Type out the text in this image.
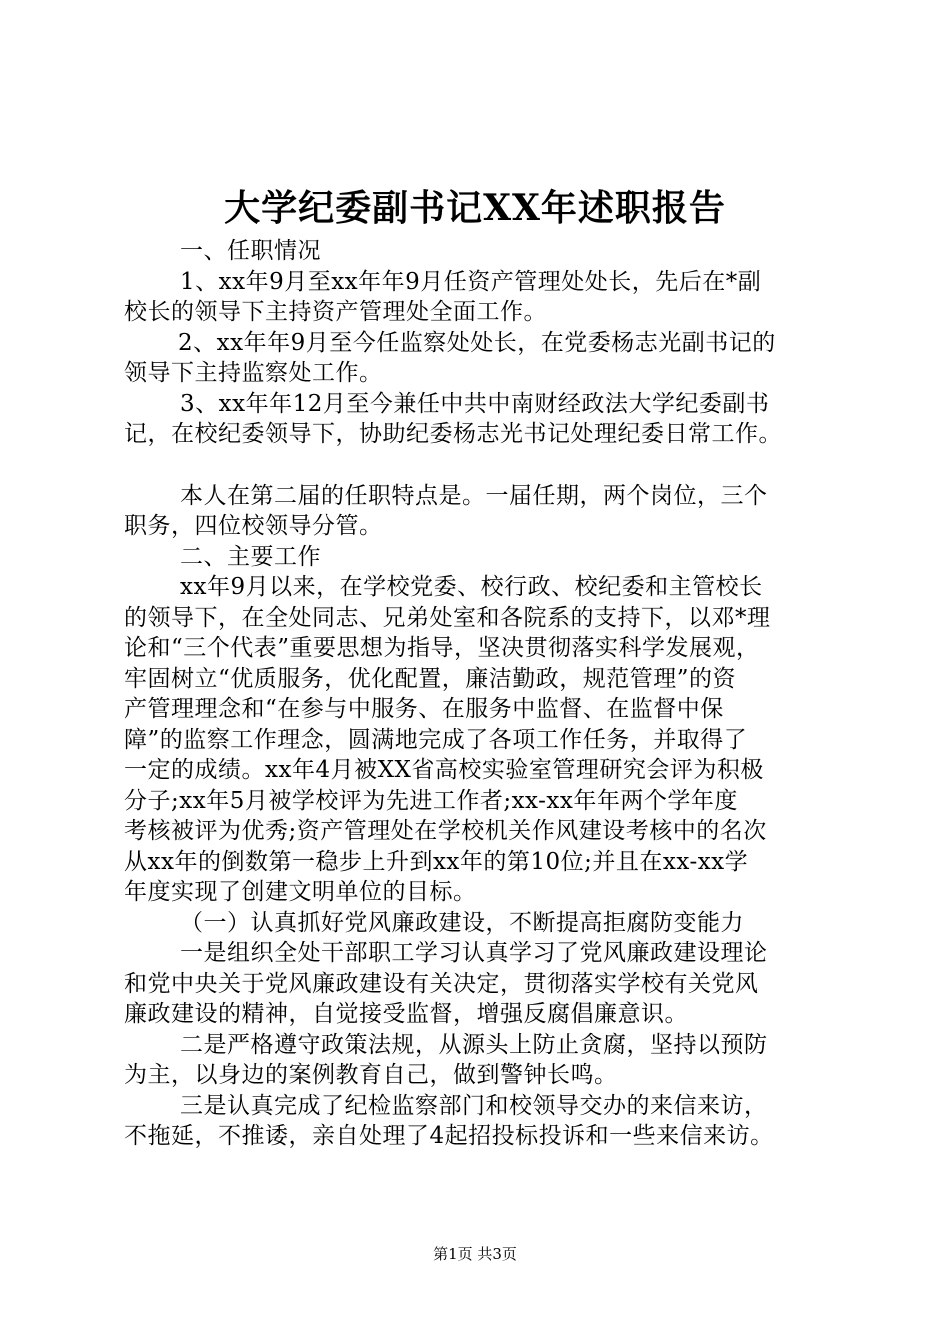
大学纪委副书记XX年述职报告
一、任职情况
1、xx年9月至xx年年9月任资产管理处处长，先后在*副
校长的领导下主持资产管理处全面工作。
2、xx年年9月至今任监察处处长，在党委杨志光副书记的
领导下主持监察处工作。
3、xx年年12月至今兼任中共中南财经政法大学纪委副书
记，在校纪委领导下，协助纪委杨志光书记处理纪委日常工作。
本人在第二届的任职特点是。一届任期，两个岗位，三个
职务，四位校领导分管。
二、主要工作
xx年9月以来，在学校党委、校行政、校纪委和主管校长
的领导下，在全处同志、兄弟处室和各院系的支持下，以邓*理
论和“三个代表”重要思想为指导，坚决贯彻落实科学发展观，
牢固树立“优质服务，优化配置，廉洁勤政，规范管理”的资
产管理理念和“在参与中服务、在服务中监督、在监督中保
障”的监察工作理念，圆满地完成了各项工作任务，并取得了
一定的成绩。xx年4月被XX省高校实验室管理研究会评为积极
分子;xx年5月被学校评为先进工作者;xx-xx年年两个学年度
考核被评为优秀;资产管理处在学校机关作风建设考核中的名次
从xx年的倒数第一稳步上升到xx年的第10位;并且在xx-xx学
年度实现了创建文明单位的目标。
（一）认真抓好党风廉政建设，不断提高拒腐防变能力
一是组织全处干部职工学习认真学习了党风廉政建设理论
和党中央关于党风廉政建设有关决定，贯彻落实学校有关党风
廉政建设的精神，自觉接受监督，增强反腐倡廉意识。
二是严格遵守政策法规，从源头上防止贪腐，坚持以预防
为主，以身边的案例教育自己，做到警钟长鸣。
三是认真完成了纪检监察部门和校领导交办的来信来访，
不拖延，不推诿，亲自处理了4起招投标投诉和一些来信来访。
第1页 共3页
